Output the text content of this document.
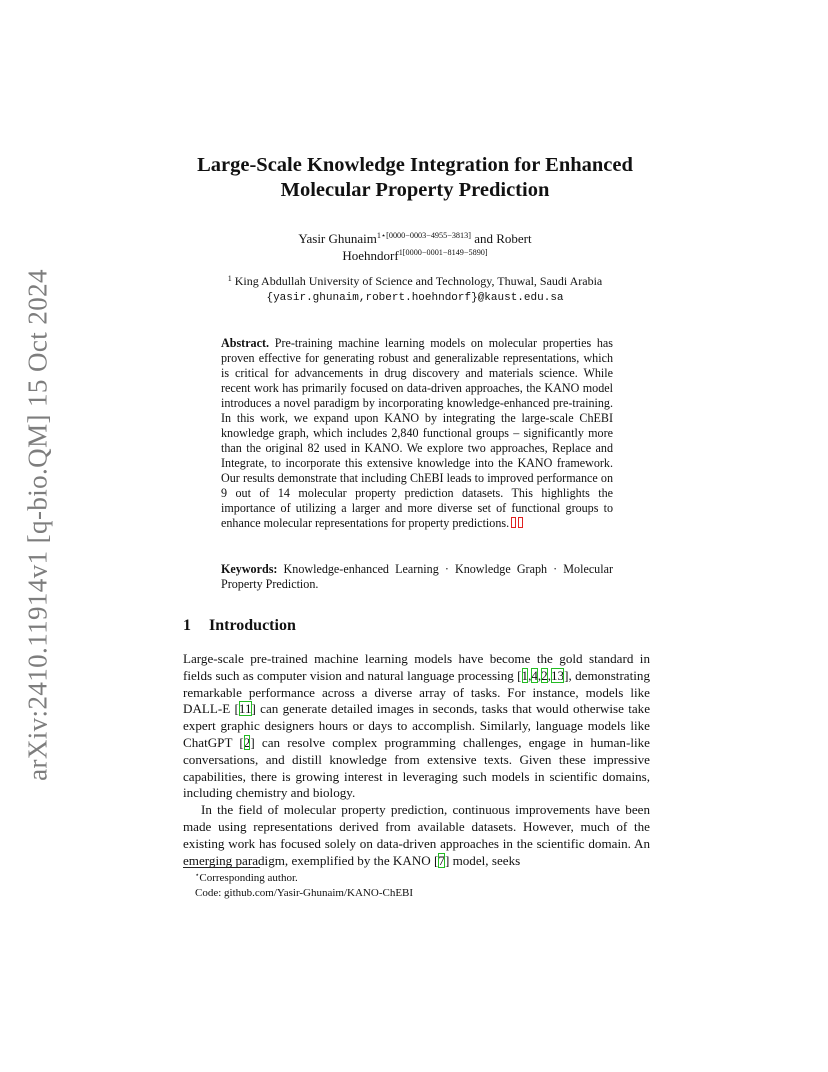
arXiv:2410.11914v1 [q-bio.QM] 15 Oct 2024
Large-Scale Knowledge Integration for Enhanced
Molecular Property Prediction
Yasir Ghunaim$^{1⋆[0000-0003-4955-3813]}$ and Robert
Hoehndorf$^{1[0000-0001-8149-5890]}$
$^1$ King Abdullah University of Science and Technology, Thuwal, Saudi Arabia
{yasir.ghunaim,robert.hoehndorf}@kaust.edu.sa
Abstract. Pre-training machine learning models on molecular properties has proven effective for generating robust and generalizable representations, which is critical for advancements in drug discovery and materials science. While recent work has primarily focused on data-driven approaches, the KANO model introduces a novel paradigm by incorporating knowledge-enhanced pre-training. In this work, we expand upon KANO by integrating the large-scale ChEBI knowledge graph, which includes 2,840 functional groups – significantly more than the original 82 used in KANO. We explore two approaches, Replace and Integrate, to incorporate this extensive knowledge into the KANO framework. Our results demonstrate that including ChEBI leads to improved performance on 9 out of 14 molecular property prediction datasets. This highlights the importance of utilizing a larger and more diverse set of functional groups to enhance molecular representations for property predictions.
Keywords: Knowledge-enhanced Learning · Knowledge Graph · Molecular Property Prediction.
1 Introduction

Large-scale pre-trained machine learning models have become the gold standard in fields such as computer vision and natural language processing [1,4,2,13], demonstrating remarkable performance across a diverse array of tasks. For instance, models like DALL-E [11] can generate detailed images in seconds, tasks that would otherwise take expert graphic designers hours or days to accomplish. Similarly, language models like ChatGPT [2] can resolve complex programming challenges, engage in human-like conversations, and distill knowledge from extensive texts. Given these impressive capabilities, there is growing interest in leveraging such models in scientific domains, including chemistry and biology.

In the field of molecular property prediction, continuous improvements have been made using representations derived from available datasets. However, much of the existing work has focused solely on data-driven approaches in the scientific domain. An emerging paradigm, exemplified by the KANO [7] model, seeks

⋆Corresponding author.
Code: github.com/Yasir-Ghunaim/KANO-ChEBI
